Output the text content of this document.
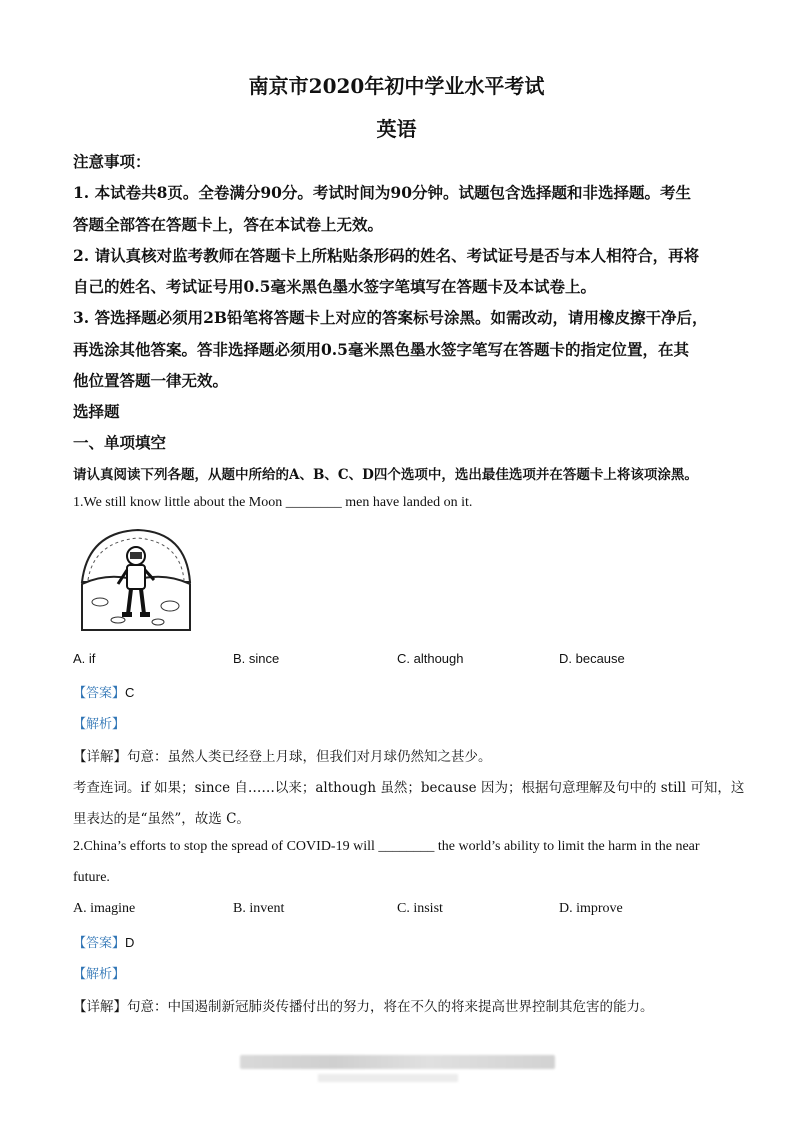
南京市2020年初中学业水平考试
英语
注意事项：
1. 本试卷共8页。全卷满分90分。考试时间为90分钟。试题包含选择题和非选择题。考生
答题全部答在答题卡上，答在本试卷上无效。
2. 请认真核对监考教师在答题卡上所粘贴条形码的姓名、考试证号是否与本人相符合，再将
自己的姓名、考试证号用0.5毫米黑色墨水签字笔填写在答题卡及本试卷上。
3. 答选择题必须用2B铅笔将答题卡上对应的答案标号涂黑。如需改动，请用橡皮擦干净后，
再选涂其他答案。答非选择题必须用0.5毫米黑色墨水签字笔写在答题卡的指定位置，在其
他位置答题一律无效。
选择题
一、单项填空
请认真阅读下列各题，从题中所给的A、B、C、D四个选项中，选出最佳选项并在答题卡上将该项涂黑。
1.We still know little about the Moon ________ men have landed on it.
A. if	B. since	C. although	D. because
【答案】C
【解析】
【详解】句意：虽然人类已经登上月球，但我们对月球仍然知之甚少。
考查连词。if 如果；since 自……以来；although 虽然；because 因为；根据句意理解及句中的 still 可知，这
里表达的是“虽然”，故选 C。
2.China’s efforts to stop the spread of COVID-19 will ________ the world’s ability to limit the harm in the near
future.
A. imagine	B. invent	C. insist	D. improve
【答案】D
【解析】
【详解】句意：中国遏制新冠肺炎传播付出的努力，将在不久的将来提高世界控制其危害的能力。
